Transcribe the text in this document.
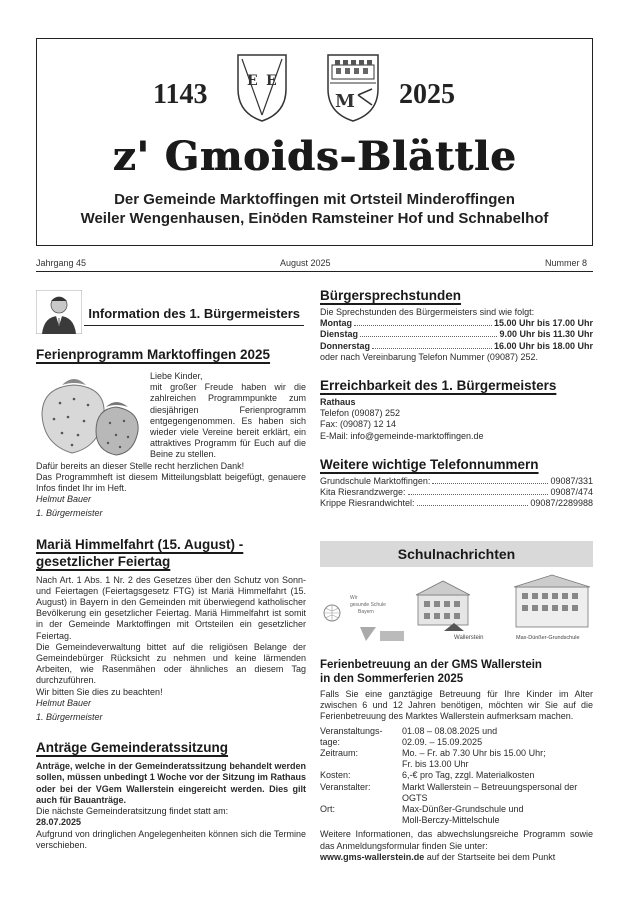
1143	2025
E E
M
z' Gmoids-Blättle
Der Gemeinde Marktoffingen mit Ortsteil Minderoffingen
Weiler Wengenhausen, Einöden Ramsteiner Hof und Schnabelhof
Jahrgang 45	August 2025	Nummer 8
Information des 1. Bürgermeisters
Ferienprogramm Marktoffingen 2025

Liebe Kinder,

mit großer Freude haben wir die zahlreichen Programmpunkte zum diesjährigen Ferienprogramm entgegengenommen. Es haben sich wieder viele Vereine bereit erklärt, ein attraktives Programm für Euch auf die Beine zu stellen.

Dafür bereits an dieser Stelle recht herzlichen Dank!

Das Programmheft ist diesem Mitteilungsblatt beigefügt, genauere Infos findet Ihr im Heft.

Helmut Bauer

1. Bürgermeister

Mariä Himmelfahrt (15. August) -
gesetzlicher Feiertag

Nach Art. 1 Abs. 1 Nr. 2 des Gesetzes über den Schutz von Sonn- und Feiertagen (Feiertagsgesetz FTG) ist Mariä Himmelfahrt (15. August) in Bayern in den Gemeinden mit überwiegend katholischer Bevölkerung ein gesetzlicher Feiertag. Mariä Himmelfahrt ist somit in der Gemeinde Marktoffingen mit Ortsteilen ein gesetzlicher Feiertag.

Die Gemeindeverwaltung bittet auf die religiösen Belange der Gemeindebürger Rücksicht zu nehmen und keine lärmenden Arbeiten, wie Rasenmähen oder ähnliches an diesem Tag durchzuführen.

Wir bitten Sie dies zu beachten!

Helmut Bauer

1. Bürgermeister

Anträge Gemeinderatssitzung

Anträge, welche in der Gemeinderatssitzung behandelt werden sollen, müssen unbedingt 1 Woche vor der Sitzung im Rathaus oder bei der VGem Wallerstein eingereicht werden. Dies gilt auch für Bauanträge.

Die nächste Gemeinderatsitzung findet statt am:

28.07.2025

Aufgrund von dringlichen Angelegenheiten können sich die Termine verschieben.

Bürgersprechstunden

Die Sprechstunden des Bürgermeisters sind wie folgt:

Montag	15.00 Uhr bis 17.00 Uhr
Dienstag	9.00 Uhr bis 11.30 Uhr
Donnerstag	16.00 Uhr bis 18.00 Uhr

oder nach Vereinbarung Telefon Nummer (09087) 252.

Erreichbarkeit des 1. Bürgermeisters

Rathaus

Telefon (09087) 252

Fax: (09087) 12 14

E-Mail: info@gemeinde-marktoffingen.de

Weitere wichtige Telefonnummern
Grundschule Marktoffingen:	09087/331
Kita Riesrandzwerge:	09087/474
Krippe Riesrandwichtel:	09087/2289988
Schulnachrichten
Wir
gesunde Schule
Bayern
Wallerstein	Max-Dünßer-Grundschule
Ferienbetreuung an der GMS Wallerstein
in den Sommerferien 2025

Falls Sie eine ganztägige Betreuung für Ihre Kinder im Alter zwischen 6 und 12 Jahren benötigen, möchten wir Sie auf die Ferienbetreuung des Marktes Wallerstein aufmerksam machen.

Veranstaltungs-	01.08 – 08.08.2025 und
tage:	02.09. – 15.09.2025
Zeitraum:	Mo. – Fr. ab 7.30 Uhr bis 15.00 Uhr;
Fr. bis 13.00 Uhr
Kosten:	6,-€ pro Tag, zzgl. Materialkosten
Veranstalter:	Markt Wallerstein – Betreuungspersonal der
OGTS
Ort:	Max-Dünßer-Grundschule und
Moll-Berczy-Mittelschule

Weitere Informationen, das abwechslungsreiche Programm sowie das Anmeldungsformular finden Sie unter:

www.gms-wallerstein.de auf der Startseite bei dem Punkt
